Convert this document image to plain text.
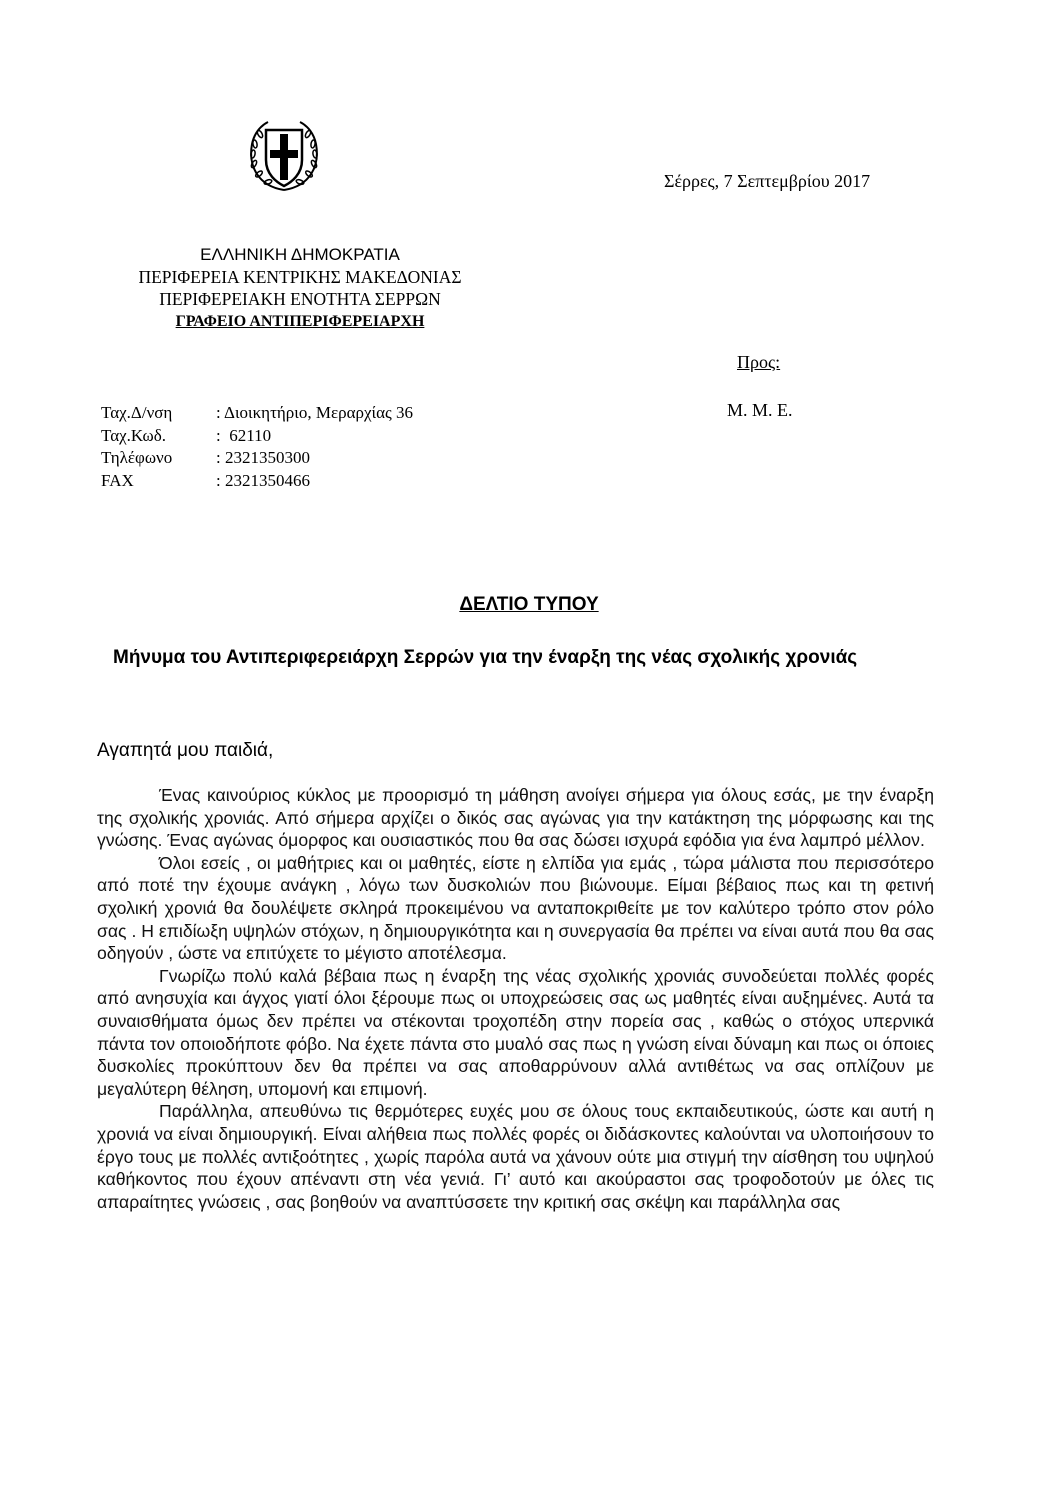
Σέρρες, 7 Σεπτεμβρίου 2017
ΕΛΛΗΝΙΚΗ ΔΗΜΟΚΡΑΤΙΑ
ΠΕΡΙΦΕΡΕΙΑ ΚΕΝΤΡΙΚΗΣ ΜΑΚΕΔΟΝΙΑΣ
ΠΕΡΙΦΕΡΕΙΑΚΗ ΕΝΟΤΗΤΑ ΣΕΡΡΩΝ
ΓΡΑΦΕΙΟ ΑΝΤΙΠΕΡΙΦΕΡΕΙΑΡΧΗ
Προς:
Μ. Μ. Ε.
Ταχ.Δ/νση	: Διοικητήριο, Μεραρχίας 36
Ταχ.Κωδ.	:  62110
Τηλέφωνο	: 2321350300
FAX	: 2321350466
ΔΕΛΤΙΟ ΤΥΠΟΥ
Μήνυμα του Αντιπεριφερειάρχη Σερρών για την έναρξη της νέας σχολικής χρονιάς
Αγαπητά μου παιδιά,

Ένας καινούριος κύκλος με προορισμό τη μάθηση ανοίγει σήμερα για όλους εσάς, με την έναρξη της σχολικής χρονιάς. Από σήμερα αρχίζει ο δικός σας αγώνας για την κατάκτηση της μόρφωσης και της γνώσης. Ένας αγώνας όμορφος και ουσιαστικός που θα σας δώσει ισχυρά εφόδια για ένα λαμπρό μέλλον.

Όλοι εσείς , οι μαθήτριες και οι μαθητές, είστε η ελπίδα για εμάς , τώρα μάλιστα που περισσότερο από ποτέ την έχουμε ανάγκη , λόγω των δυσκολιών που βιώνουμε. Είμαι βέβαιος πως και τη φετινή σχολική χρονιά θα δουλέψετε σκληρά προκειμένου να ανταποκριθείτε με τον καλύτερο τρόπο στον ρόλο σας . Η επιδίωξη υψηλών στόχων, η δημιουργικότητα και η συνεργασία θα πρέπει να είναι αυτά που θα σας οδηγούν , ώστε να επιτύχετε το μέγιστο αποτέλεσμα.

Γνωρίζω πολύ καλά βέβαια πως η έναρξη της νέας σχολικής χρονιάς συνοδεύεται πολλές φορές από ανησυχία και άγχος γιατί όλοι ξέρουμε πως οι υποχρεώσεις σας ως μαθητές είναι αυξημένες. Αυτά τα συναισθήματα όμως δεν πρέπει να στέκονται τροχοπέδη στην πορεία σας , καθώς ο στόχος υπερνικά πάντα τον οποιοδήποτε φόβο. Να έχετε πάντα στο μυαλό σας πως η γνώση είναι δύναμη και πως οι όποιες δυσκολίες προκύπτουν δεν θα πρέπει να σας αποθαρρύνουν αλλά αντιθέτως να σας οπλίζουν με μεγαλύτερη θέληση, υπομονή και επιμονή.

Παράλληλα, απευθύνω τις θερμότερες ευχές μου σε όλους τους εκπαιδευτικούς, ώστε και αυτή η χρονιά να είναι δημιουργική. Είναι αλήθεια πως πολλές φορές οι διδάσκοντες καλούνται να υλοποιήσουν το έργο τους με πολλές αντιξοότητες , χωρίς παρόλα αυτά να χάνουν ούτε μια στιγμή την αίσθηση του υψηλού καθήκοντος που έχουν απέναντι στη νέα γενιά. Γι’ αυτό και ακούραστοι σας τροφοδοτούν με όλες τις απαραίτητες γνώσεις , σας βοηθούν να αναπτύσσετε την κριτική σας σκέψη και παράλληλα σας
